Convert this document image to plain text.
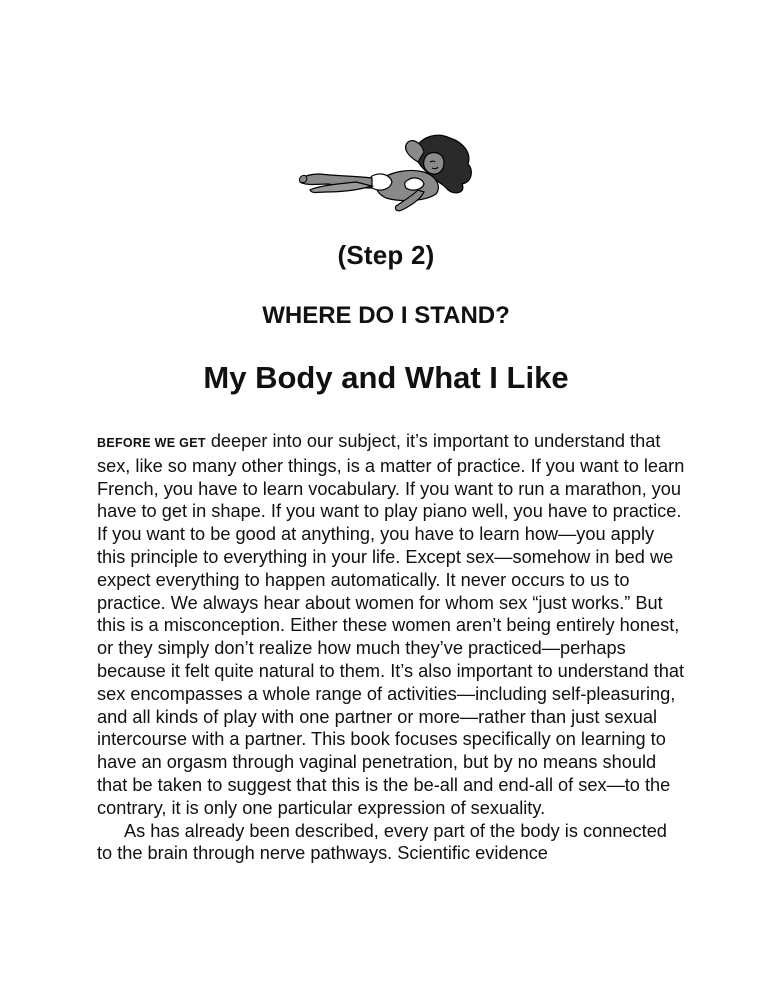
(Step 2)
WHERE DO I STAND?
My Body and What I Like

BEFORE WE GET deeper into our subject, it’s important to understand that sex, like so many other things, is a matter of practice. If you want to learn French, you have to learn vocabulary. If you want to run a marathon, you have to get in shape. If you want to play piano well, you have to practice. If you want to be good at anything, you have to learn how—you apply this principle to everything in your life. Except sex—somehow in bed we expect everything to happen automatically. It never occurs to us to practice. We always hear about women for whom sex “just works.” But this is a misconception. Either these women aren’t being entirely honest, or they simply don’t realize how much they’ve practiced—perhaps because it felt quite natural to them. It’s also important to understand that sex encompasses a whole range of activities—including self-pleasuring, and all kinds of play with one partner or more—rather than just sexual intercourse with a partner. This book focuses specifically on learning to have an orgasm through vaginal penetration, but by no means should that be taken to suggest that this is the be-all and end-all of sex—to the contrary, it is only one particular expression of sexuality.

As has already been described, every part of the body is connected to the brain through nerve pathways. Scientific evidence
